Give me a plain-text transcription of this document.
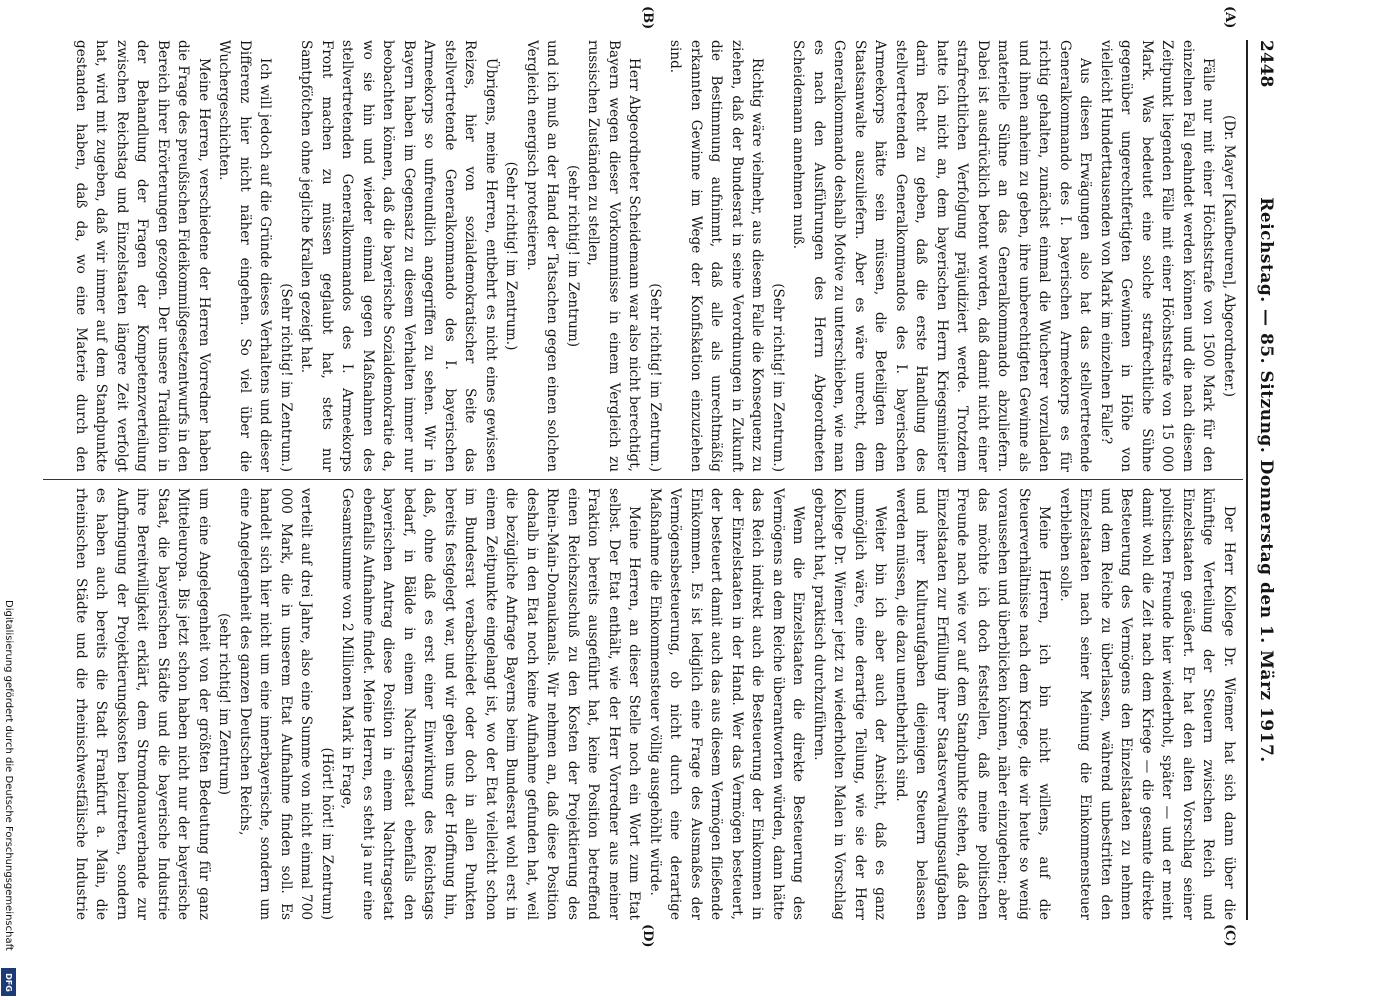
2448
Reichstag. — 85. Sitzung. Donnerstag den 1. März 1917.
(A)
(B)
(C)
(D)

(Dr. Mayer [Kaufbeuren], Abgeordneter.)

Fälle nur mit einer Höchststrafe von 1500 Mark für den einzelnen Fall geahndet werden können und die nach diesem Zeitpunkt liegenden Fälle mit einer Höchststrafe von 15 000 Mark. Was bedeutet eine solche strafrechtliche Sühne gegenüber ungerechtfertigten Gewinnen in Höhe von vielleicht Hunderttausenden von Mark im einzelnen Falle?

Aus diesen Erwägungen also hat das stellvertretende Generalkommando des I. bayerischen Armeekorps es für richtig gehalten, zunächst einmal die Wucherer vorzuladen und ihnen anheim zu geben, ihre unberechtigten Gewinne als materielle Sühne an das Generalkommando abzuliefern. Dabei ist ausdrücklich betont worden, daß damit nicht einer strafrechtlichen Verfolgung präjudiziert werde. Trotzdem hatte ich nicht an, dem bayerischen Herrn Kriegsminister darin Recht zu geben, daß die erste Handlung des stellvertretenden Generalkommandos des I. bayerischen Armeekorps hätte sein müssen, die Beteiligten dem Staatsanwalte auszuliefern. Aber es wäre unrecht, dem Generalkommando deshalb Motive zu unterschieben, wie man es nach den Ausführungen des Herrn Abgeordneten Scheidemann annehmen muß.

(Sehr richtig! im Zentrum.)

Richtig wäre vielmehr, aus diesem Falle die Konsequenz zu ziehen, daß der Bundesrat in seine Verordnungen in Zukunft die Bestimmung aufnimmt, daß alle als unrechtmäßig erkannten Gewinne im Wege der Konfiskation einzuziehen sind.

(Sehr richtig! im Zentrum.)

Herr Abgeordneter Scheidemann war also nicht berechtigt, Bayern wegen dieser Vorkommnisse in einem Vergleich zu russischen Zuständen zu stellen,

(sehr richtig! im Zentrum)

und ich muß an der Hand der Tatsachen gegen einen solchen Vergleich energisch protestieren.

(Sehr richtig! im Zentrum.)

Übrigens, meine Herren, entbehrt es nicht eines gewissen Reizes, hier von sozialdemokratischer Seite das stellvertretende Generalkommando des I. bayerischen Armeekorps so unfreundlich angegriffen zu sehen. Wir in Bayern haben im Gegensatz zu diesem Verhalten immer nur beobachten können, daß die bayerische Sozialdemokratie da, wo sie hin und wieder einmal gegen Maßnahmen des stellvertretenden Generalkommandos des I. Armeekorps Front machen zu müssen geglaubt hat, stets nur Samtpfötchen ohne jegliche Krallen gezeigt hat.

(Sehr richtig! im Zentrum.)

Ich will jedoch auf die Gründe dieses Verhaltens und dieser Differenz hier nicht näher eingehen. So viel über die Wuchergeschichten.

Meine Herren, verschiedene der Herren Vorredner haben die Frage des preußischen Fideikommißgesetzentwurfs in den Bereich ihrer Erörterungen gezogen. Der unsere Tradition in der Behandlung der Fragen der Kompetenzverteilung zwischen Reichstag und Einzelstaaten längere Zeit verfolgt hat, wird mit zugeben, daß wir immer auf dem Standpunkte gestanden haben, daß da, wo eine Materie durch den

Der Herr Kollege Dr. Wiemer hat sich dann über die künftige Verteilung der Steuern zwischen Reich und Einzelstaaten geäußert. Er hat den alten Vorschlag seiner politischen Freunde hier wiederholt, später — und er meint damit wohl die Zeit nach dem Kriege — die gesamte direkte Besteuerung des Vermögens den Einzelstaaten zu nehmen und dem Reiche zu überlassen, während unbestritten den Einzelstaaten nach seiner Meinung die Einkommensteuer verbleiben solle.

Meine Herren, ich bin nicht willens, auf die Steuerverhältnisse nach dem Kriege, die wir heute so wenig voraussehen und überblicken können, näher einzugehen; aber das möchte ich doch feststellen, daß meine politischen Freunde nach wie vor auf dem Standpunkte stehen, daß den Einzelstaaten zur Erfüllung ihrer Staatsverwaltungsaufgaben und ihrer Kulturaufgaben diejenigen Steuern belassen werden müssen, die dazu unentbehrlich sind.

Weiter bin ich aber auch der Ansicht, daß es ganz unmöglich wäre, eine derartige Teilung, wie sie der Herr Kollege Dr. Wiemer jetzt zu wiederholten Malen in Vorschlag gebracht hat, praktisch durchzuführen.

Wenn die Einzelstaaten die direkte Besteuerung des Vermögens an dem Reiche überantworten würden, dann hätte das Reich indirekt auch die Besteuerung der Einkommen in der Einzelstaaten in der Hand. Wer das Vermögen besteuert, der besteuert damit auch das aus diesem Vermögen fließende Einkommen. Es ist lediglich eine Frage des Ausmaßes der Vermögensbesteuerung, ob nicht durch eine derartige Maßnahme die Einkommensteuer völlig ausgehöhlt würde.

Meine Herren, an dieser Stelle noch ein Wort zum Etat selbst. Der Etat enthält, wie der Herr Vorredner aus meiner Fraktion bereits ausgeführt hat, keine Position betreffend einen Reichszuschuß zu den Kosten der Projektierung des Rhein-Main-Donaukanals. Wir nehmen an, daß diese Position deshalb in den Etat noch keine Aufnahme gefunden hat, weil die bezügliche Anfrage Bayerns beim Bundesrat wohl erst in einem Zeitpunkte eingelangt ist, wo der Etat vielleicht schon im Bundesrat verabschiedet oder doch in allen Punkten bereits festgelegt war, und wir geben uns der Hoffnung hin, daß, ohne daß es erst einer Einwirkung des Reichstags bedarf, in Bälde in einem Nachtragsetat ebenfalls den bayerischen Antrag diese Position in einem Nachtragsetat ebenfalls Aufnahme findet. Meine Herren, es steht ja nur eine Gesamtsumme von 2 Millionen Mark in Frage,

(Hört! hört! im Zentrum)

verteilt auf drei Jahre, also eine Summe von nicht einmal 700 000 Mark, die in unserem Etat Aufnahme finden soll. Es handelt sich hier nicht um eine innerbayerische, sondern um eine Angelegenheit des ganzen Deutschen Reichs,

(sehr richtig! im Zentrum)

um eine Angelegenheit von der größten Bedeutung für ganz Mitteleuropa. Bis jetzt schon haben nicht nur der bayerische Staat, die bayerischen Städte und die bayerische Industrie ihre Bereitwilligkeit erklärt, dem Stromdonauverbande zur Aufbringung der Projektierungskosten beizutreten, sondern es haben auch bereits die Stadt Frankfurt a. Main, die rheinischen Städte und die rheinischwestfälische Industrie

Digitalisierung gefördert durch die Deutsche Forschungsgemeinschaft
DFG
